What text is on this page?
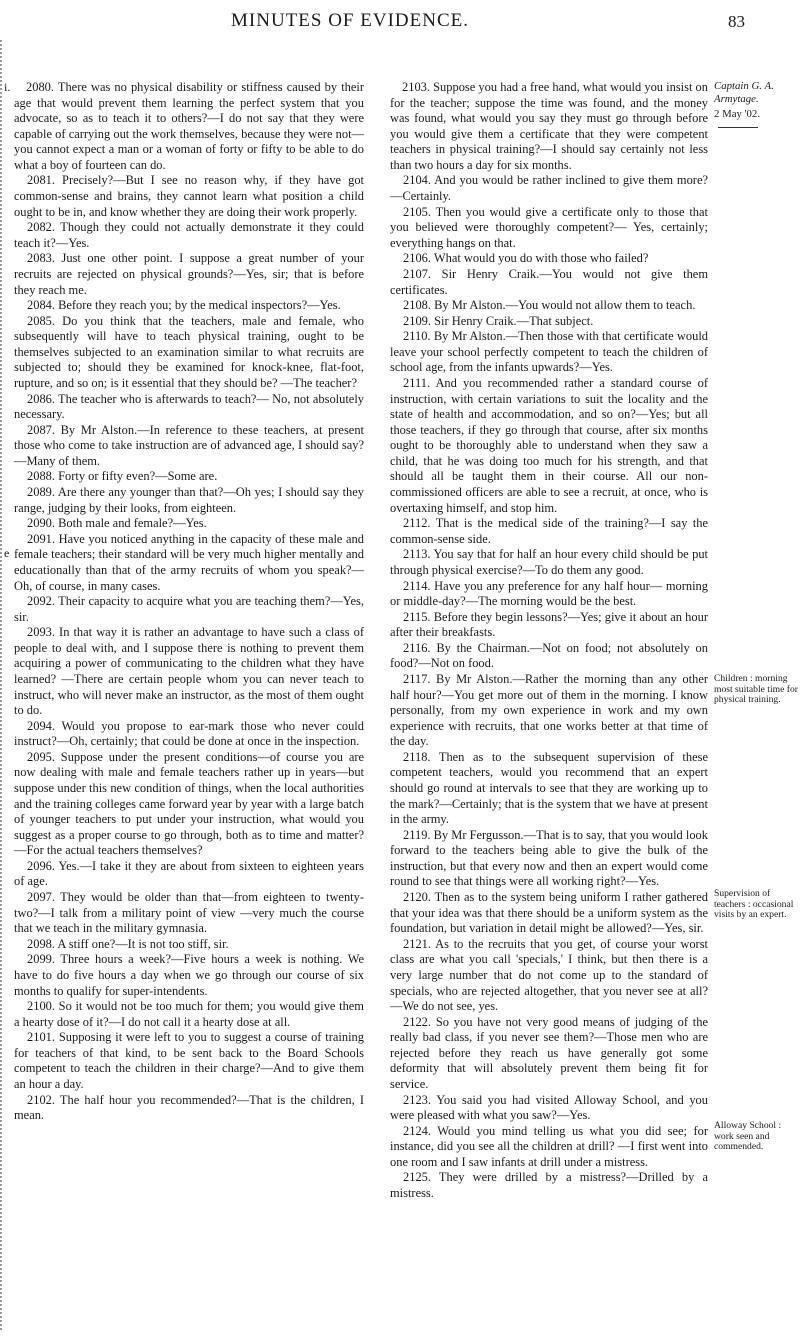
MINUTES OF EVIDENCE.	83
i.
e

2080. There was no physical disability or stiffness caused by their age that would prevent them learning the perfect system that you advocate, so as to teach it to others?—I do not say that they were capable of carrying out the work themselves, because they were not— you cannot expect a man or a woman of forty or fifty to be able to do what a boy of fourteen can do.

2081. Precisely?—But I see no reason why, if they have got common-sense and brains, they cannot learn what position a child ought to be in, and know whether they are doing their work properly.

2082. Though they could not actually demonstrate it they could teach it?—Yes.

2083. Just one other point. I suppose a great number of your recruits are rejected on physical grounds?—Yes, sir; that is before they reach me.

2084. Before they reach you; by the medical inspectors?—Yes.

2085. Do you think that the teachers, male and female, who subsequently will have to teach physical training, ought to be themselves subjected to an examination similar to what recruits are subjected to; should they be examined for knock-knee, flat-foot, rupture, and so on; is it essential that they should be? —The teacher?

2086. The teacher who is afterwards to teach?— No, not absolutely necessary.

2087. By Mr Alston.—In reference to these teachers, at present those who come to take instruction are of advanced age, I should say?—Many of them.

2088. Forty or fifty even?—Some are.

2089. Are there any younger than that?—Oh yes; I should say they range, judging by their looks, from eighteen.

2090. Both male and female?—Yes.

2091. Have you noticed anything in the capacity of these male and female teachers; their standard will be very much higher mentally and educationally than that of the army recruits of whom you speak?—Oh, of course, in many cases.

2092. Their capacity to acquire what you are teaching them?—Yes, sir.

2093. In that way it is rather an advantage to have such a class of people to deal with, and I suppose there is nothing to prevent them acquiring a power of communicating to the children what they have learned? —There are certain people whom you can never teach to instruct, who will never make an instructor, as the most of them ought to do.

2094. Would you propose to ear-mark those who never could instruct?—Oh, certainly; that could be done at once in the inspection.

2095. Suppose under the present conditions—of course you are now dealing with male and female teachers rather up in years—but suppose under this new condition of things, when the local authorities and the training colleges came forward year by year with a large batch of younger teachers to put under your instruction, what would you suggest as a proper course to go through, both as to time and matter?—For the actual teachers themselves?

2096. Yes.—I take it they are about from sixteen to eighteen years of age.

2097. They would be older than that—from eighteen to twenty-two?—I talk from a military point of view —very much the course that we teach in the military gymnasia.

2098. A stiff one?—It is not too stiff, sir.

2099. Three hours a week?—Five hours a week is nothing. We have to do five hours a day when we go through our course of six months to qualify for super-intendents.

2100. So it would not be too much for them; you would give them a hearty dose of it?—I do not call it a hearty dose at all.

2101. Supposing it were left to you to suggest a course of training for teachers of that kind, to be sent back to the Board Schools competent to teach the children in their charge?—And to give them an hour a day.

2102. The half hour you recommended?—That is the children, I mean.

2103. Suppose you had a free hand, what would you insist on for the teacher; suppose the time was found, and the money was found, what would you say they must go through before you would give them a certificate that they were competent teachers in physical training?—I should say certainly not less than two hours a day for six months.

2104. And you would be rather inclined to give them more?—Certainly.

2105. Then you would give a certificate only to those that you believed were thoroughly competent?— Yes, certainly; everything hangs on that.

2106. What would you do with those who failed?

2107. Sir Henry Craik.—You would not give them certificates.

2108. By Mr Alston.—You would not allow them to teach.

2109. Sir Henry Craik.—That subject.

2110. By Mr Alston.—Then those with that certificate would leave your school perfectly competent to teach the children of school age, from the infants upwards?—Yes.

2111. And you recommended rather a standard course of instruction, with certain variations to suit the locality and the state of health and accommodation, and so on?—Yes; but all those teachers, if they go through that course, after six months ought to be thoroughly able to understand when they saw a child, that he was doing too much for his strength, and that should all be taught them in their course. All our non-commissioned officers are able to see a recruit, at once, who is overtaxing himself, and stop him.

2112. That is the medical side of the training?—I say the common-sense side.

2113. You say that for half an hour every child should be put through physical exercise?—To do them any good.

2114. Have you any preference for any half hour— morning or middle-day?—The morning would be the best.

2115. Before they begin lessons?—Yes; give it about an hour after their breakfasts.

2116. By the Chairman.—Not on food; not absolutely on food?—Not on food.

2117. By Mr Alston.—Rather the morning than any other half hour?—You get more out of them in the morning. I know personally, from my own experience in work and my own experience with recruits, that one works better at that time of the day.

2118. Then as to the subsequent supervision of these competent teachers, would you recommend that an expert should go round at intervals to see that they are working up to the mark?—Certainly; that is the system that we have at present in the army.

2119. By Mr Fergusson.—That is to say, that you would look forward to the teachers being able to give the bulk of the instruction, but that every now and then an expert would come round to see that things were all working right?—Yes.

2120. Then as to the system being uniform I rather gathered that your idea was that there should be a uniform system as the foundation, but variation in detail might be allowed?—Yes, sir.

2121. As to the recruits that you get, of course your worst class are what you call 'specials,' I think, but then there is a very large number that do not come up to the standard of specials, who are rejected altogether, that you never see at all?—We do not see, yes.

2122. So you have not very good means of judging of the really bad class, if you never see them?—Those men who are rejected before they reach us have generally got some deformity that will absolutely prevent them being fit for service.

2123. You said you had visited Alloway School, and you were pleased with what you saw?—Yes.

2124. Would you mind telling us what you did see; for instance, did you see all the children at drill? —I first went into one room and I saw infants at drill under a mistress.

2125. They were drilled by a mistress?—Drilled by a mistress.

Captain G. A.
Armytage.
2 May '02.
Children : morning most suitable time for physical training.
Supervision of teachers : occasional visits by an expert.
Alloway School : work seen and commended.
